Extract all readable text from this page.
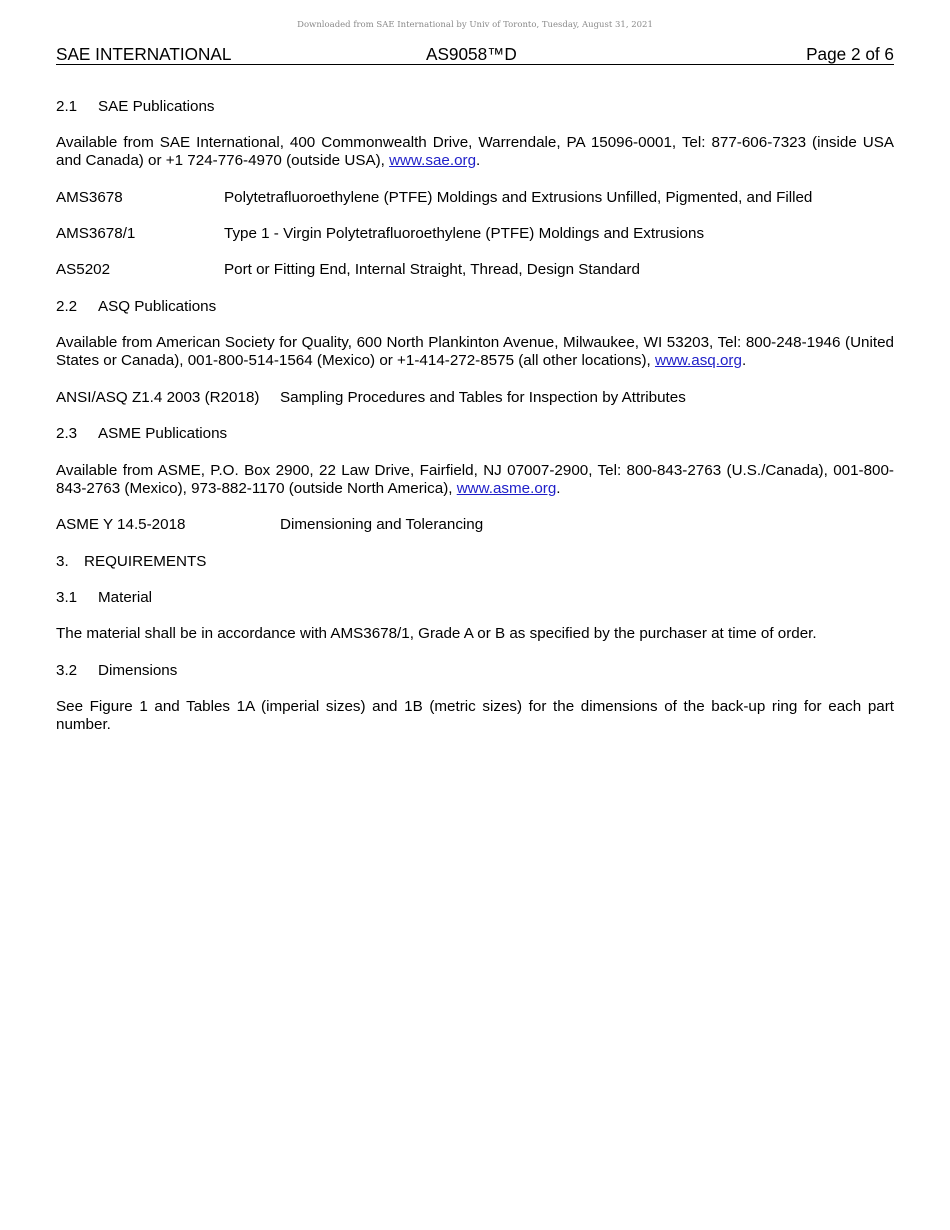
Downloaded from SAE International by Univ of Toronto, Tuesday, August 31, 2021
SAE INTERNATIONAL	AS9058™D	Page 2 of 6
2.1 SAE Publications
Available from SAE International, 400 Commonwealth Drive, Warrendale, PA 15096-0001, Tel: 877-606-7323 (inside USA and Canada) or +1 724-776-4970 (outside USA), www.sae.org.
AMS3678	Polytetrafluoroethylene (PTFE) Moldings and Extrusions Unfilled, Pigmented, and Filled
AMS3678/1	Type 1 - Virgin Polytetrafluoroethylene (PTFE) Moldings and Extrusions
AS5202	Port or Fitting End, Internal Straight, Thread, Design Standard
2.2 ASQ Publications
Available from American Society for Quality, 600 North Plankinton Avenue, Milwaukee, WI 53203, Tel: 800-248-1946 (United States or Canada), 001-800-514-1564 (Mexico) or +1-414-272-8575 (all other locations), www.asq.org.
ANSI/ASQ Z1.4 2003 (R2018) Sampling Procedures and Tables for Inspection by Attributes
2.3 ASME Publications
Available from ASME, P.O. Box 2900, 22 Law Drive, Fairfield, NJ 07007-2900, Tel: 800-843-2763 (U.S./Canada), 001-800-843-2763 (Mexico), 973-882-1170 (outside North America), www.asme.org.
ASME Y 14.5-2018	Dimensioning and Tolerancing
3. REQUIREMENTS
3.1 Material
The material shall be in accordance with AMS3678/1, Grade A or B as specified by the purchaser at time of order.
3.2 Dimensions
See Figure 1 and Tables 1A (imperial sizes) and 1B (metric sizes) for the dimensions of the back-up ring for each part number.
